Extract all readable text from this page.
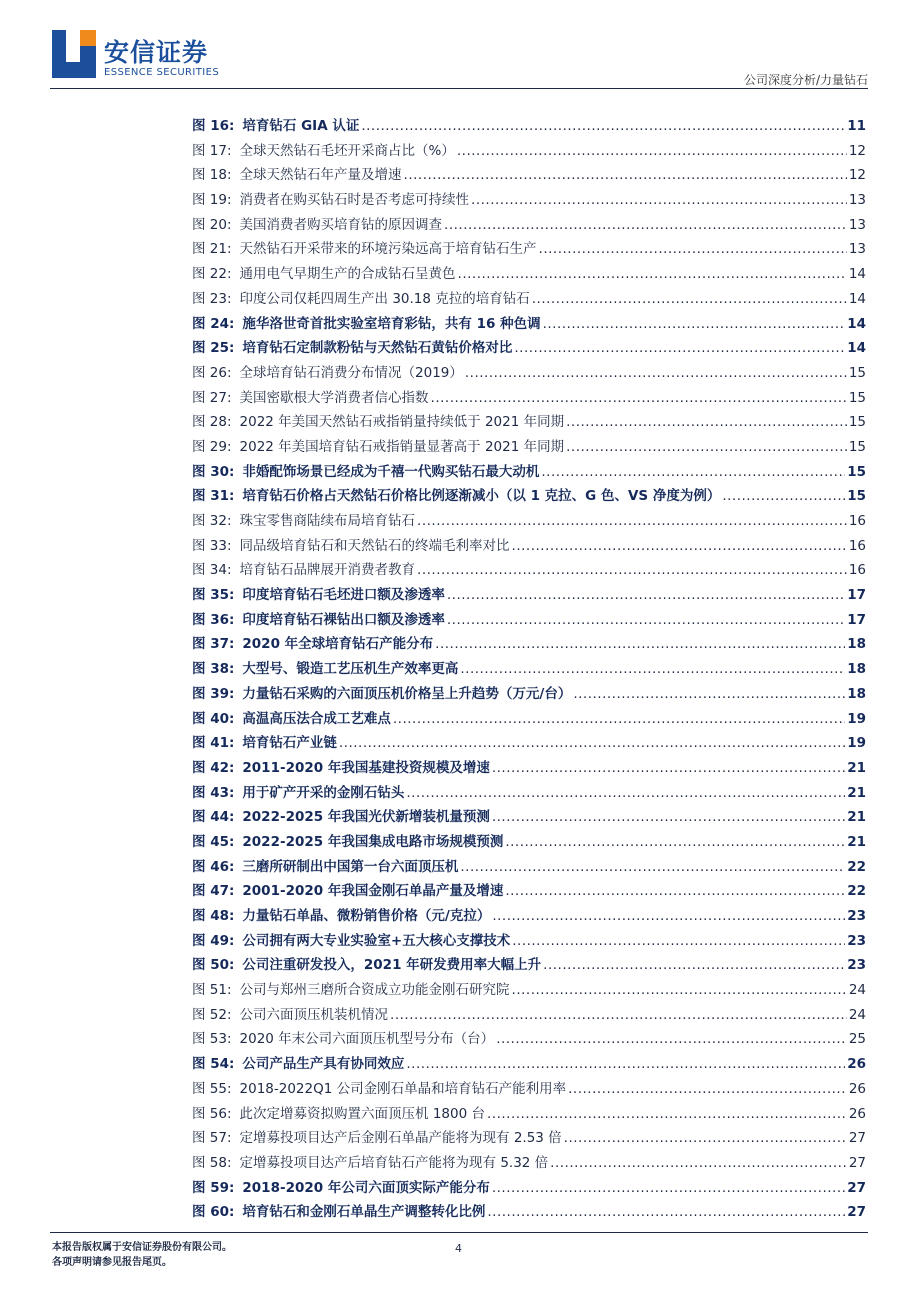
安信证券
ESSENCE SECURITIES
公司深度分析/力量钻石
图 16: 培育钻石 GIA 认证 .....	11
图 17: 全球天然钻石毛坯开采商占比（%） .....	12
图 18: 全球天然钻石年产量及增速 .....	12
图 19: 消费者在购买钻石时是否考虑可持续性 .....	13
图 20: 美国消费者购买培育钻的原因调查 .....	13
图 21: 天然钻石开采带来的环境污染远高于培育钻石生产 .....	13
图 22: 通用电气早期生产的合成钻石呈黄色 .....	14
图 23: 印度公司仅耗四周生产出 30.18 克拉的培育钻石 .....	14
图 24: 施华洛世奇首批实验室培育彩钻，共有 16 种色调 .....	14
图 25: 培育钻石定制款粉钻与天然钻石黄钻价格对比 .....	14
图 26: 全球培育钻石消费分布情况（2019） .....	15
图 27: 美国密歇根大学消费者信心指数 .....	15
图 28: 2022 年美国天然钻石戒指销量持续低于 2021 年同期 .....	15
图 29: 2022 年美国培育钻石戒指销量显著高于 2021 年同期 .....	15
图 30: 非婚配饰场景已经成为千禧一代购买钻石最大动机 .....	15
图 31: 培育钻石价格占天然钻石价格比例逐渐减小（以 1 克拉、G 色、VS 净度为例） .....	15
图 32: 珠宝零售商陆续布局培育钻石 .....	16
图 33: 同品级培育钻石和天然钻石的终端毛利率对比 .....	16
图 34: 培育钻石品牌展开消费者教育 .....	16
图 35: 印度培育钻石毛坯进口额及渗透率 .....	17
图 36: 印度培育钻石裸钻出口额及渗透率 .....	17
图 37: 2020 年全球培育钻石产能分布 .....	18
图 38: 大型号、锻造工艺压机生产效率更高 .....	18
图 39: 力量钻石采购的六面顶压机价格呈上升趋势（万元/台） .....	18
图 40: 高温高压法合成工艺难点 .....	19
图 41: 培育钻石产业链 .....	19
图 42: 2011-2020 年我国基建投资规模及增速 .....	21
图 43: 用于矿产开采的金刚石钻头 .....	21
图 44: 2022-2025 年我国光伏新增装机量预测 .....	21
图 45: 2022-2025 年我国集成电路市场规模预测 .....	21
图 46: 三磨所研制出中国第一台六面顶压机 .....	22
图 47: 2001-2020 年我国金刚石单晶产量及增速 .....	22
图 48: 力量钻石单晶、微粉销售价格（元/克拉） .....	23
图 49: 公司拥有两大专业实验室+五大核心支撑技术 .....	23
图 50: 公司注重研发投入，2021 年研发费用率大幅上升 .....	23
图 51: 公司与郑州三磨所合资成立功能金刚石研究院 .....	24
图 52: 公司六面顶压机装机情况 .....	24
图 53: 2020 年末公司六面顶压机型号分布（台） .....	25
图 54: 公司产品生产具有协同效应 .....	26
图 55: 2018-2022Q1 公司金刚石单晶和培育钻石产能利用率 .....	26
图 56: 此次定增募资拟购置六面顶压机 1800 台 .....	26
图 57: 定增募投项目达产后金刚石单晶产能将为现有 2.53 倍 .....	27
图 58: 定增募投项目达产后培育钻石产能将为现有 5.32 倍 .....	27
图 59: 2018-2020 年公司六面顶实际产能分布 .....	27
图 60: 培育钻石和金刚石单晶生产调整转化比例 .....	27
本报告版权属于安信证券股份有限公司。
各项声明请参见报告尾页。
4
